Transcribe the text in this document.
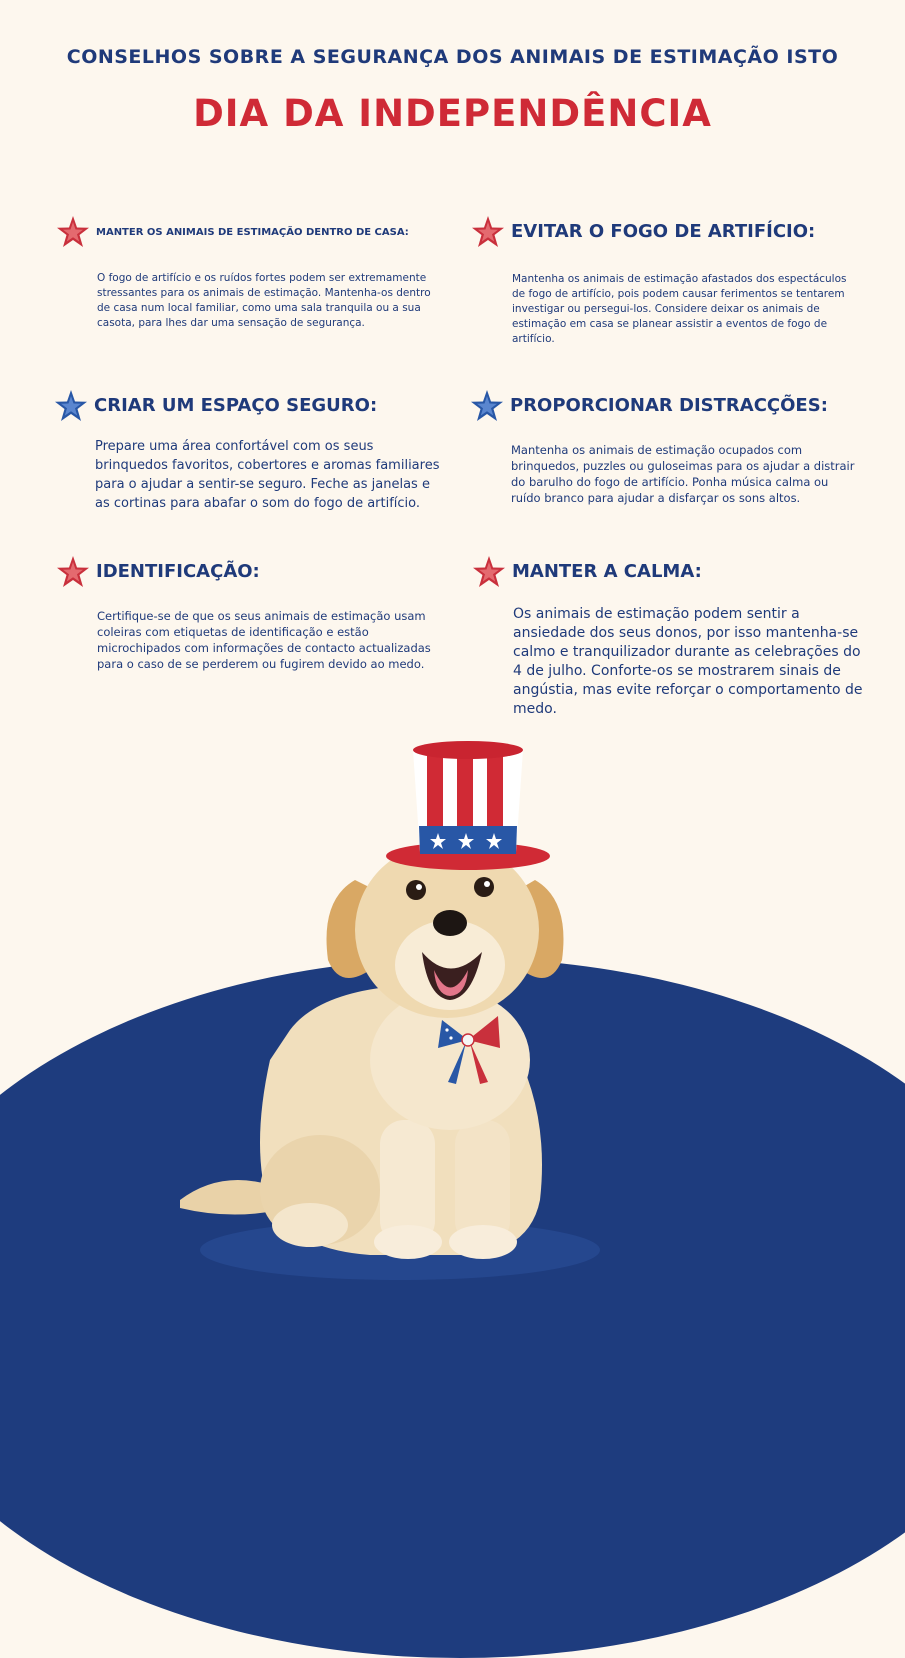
CONSELHOS SOBRE A SEGURANÇA DOS ANIMAIS DE ESTIMAÇÃO ISTO
DIA DA INDEPENDÊNCIA
MANTER OS ANIMAIS DE ESTIMAÇÃO DENTRO DE CASA:
O fogo de artifício e os ruídos fortes podem ser extremamente stressantes para os animais de estimação. Mantenha-os dentro de casa num local familiar, como uma sala tranquila ou a sua casota, para lhes dar uma sensação de segurança.
EVITAR O FOGO DE ARTIFÍCIO:
Mantenha os animais de estimação afastados dos espectáculos de fogo de artifício, pois podem causar ferimentos se tentarem investigar ou persegui-los. Considere deixar os animais de estimação em casa se planear assistir a eventos de fogo de artifício.
CRIAR UM ESPAÇO SEGURO:
Prepare uma área confortável com os seus brinquedos favoritos, cobertores e aromas familiares para o ajudar a sentir-se seguro. Feche as janelas e as cortinas para abafar o som do fogo de artifício.
PROPORCIONAR DISTRACÇÕES:
Mantenha os animais de estimação ocupados com brinquedos, puzzles ou guloseimas para os ajudar a distrair do barulho do fogo de artifício. Ponha música calma ou ruído branco para ajudar a disfarçar os sons altos.
IDENTIFICAÇÃO:
Certifique-se de que os seus animais de estimação usam coleiras com etiquetas de identificação e estão microchipados com informações de contacto actualizadas para o caso de se perderem ou fugirem devido ao medo.
MANTER A CALMA:
Os animais de estimação podem sentir a ansiedade dos seus donos, por isso mantenha-se calmo e tranquilizador durante as celebrações do 4 de julho. Conforte-os se mostrarem sinais de angústia, mas evite reforçar o comportamento de medo.
